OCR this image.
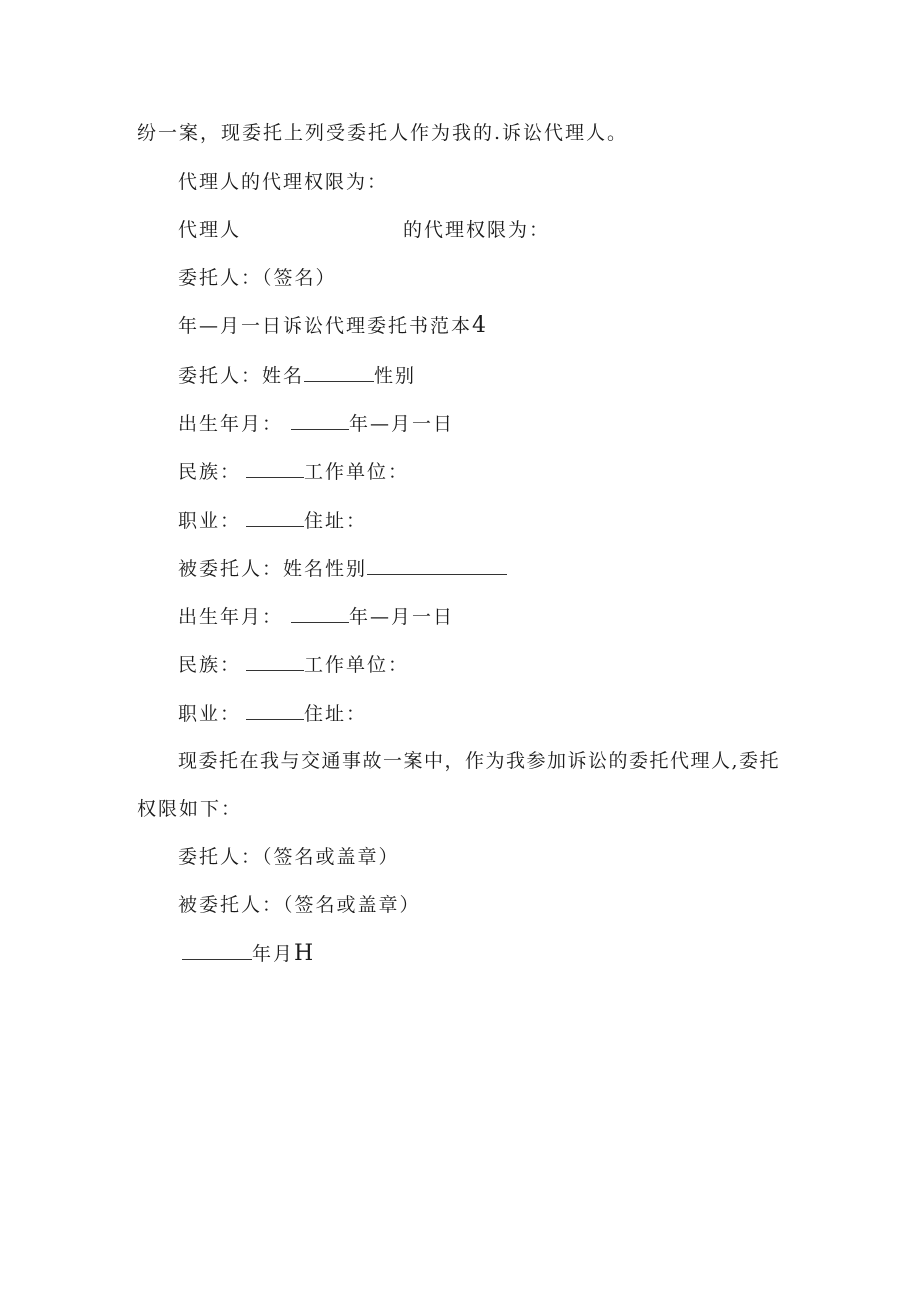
纷一案，现委托上列受委托人作为我的.诉讼代理人。
代理人的代理权限为：
代理人	的代理权限为：
委托人：（签名）
年—月一日诉讼代理委托书范本4
委托人：姓名	性别
出生年月：	年—月一日
民族：	工作单位：
职业：	住址：
被委托人：姓名性别
出生年月：	年—月一日
民族：	工作单位：
职业：	住址：
现委托在我与交通事故一案中，作为我参加诉讼的委托代理人,委托
权限如下：
委托人：（签名或盖章）
被委托人：（签名或盖章）
年月H
